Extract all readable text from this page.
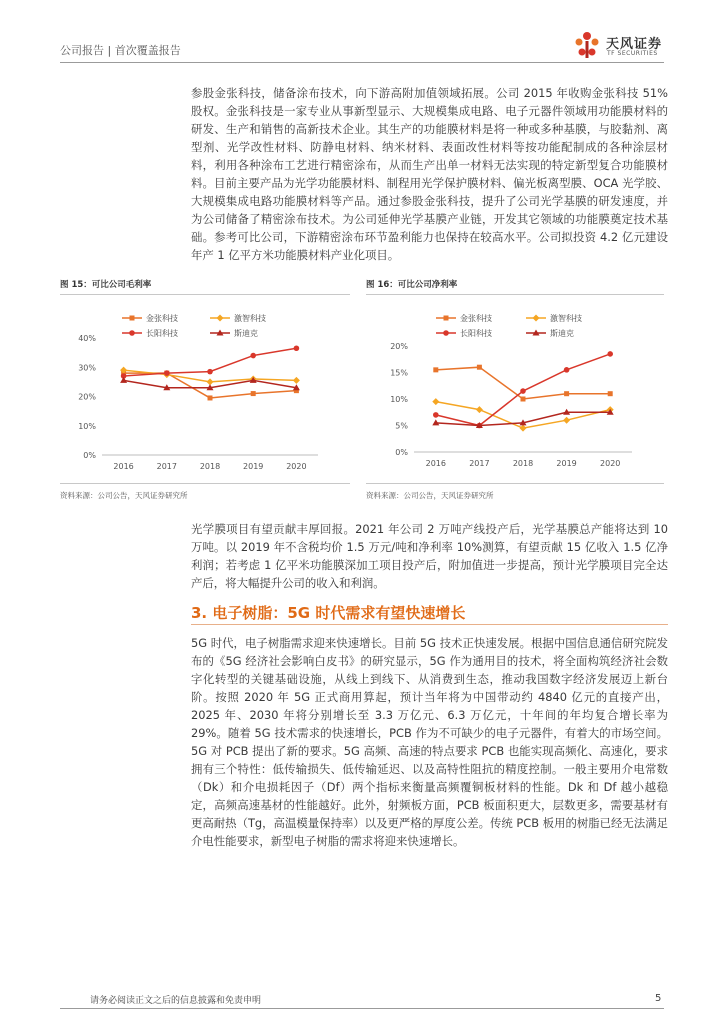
公司报告 | 首次覆盖报告	天风证券
TF SECURITIES

参股金张科技，储备涂布技术，向下游高附加值领域拓展。公司 2015 年收购金张科技 51% 股权。金张科技是一家专业从事新型显示、大规模集成电路、电子元器件领域用功能膜材料的研发、生产和销售的高新技术企业。其生产的功能膜材料是将一种或多种基膜，与胶黏剂、离型剂、光学改性材料、防静电材料、纳米材料、表面改性材料等按功能配制成的各种涂层材料，利用各种涂布工艺进行精密涂布，从而生产出单一材料无法实现的特定新型复合功能膜材料。目前主要产品为光学功能膜材料、制程用光学保护膜材料、偏光板离型膜、OCA 光学胶、大规模集成电路功能膜材料等产品。通过参股金张科技，提升了公司光学基膜的研发速度，并为公司储备了精密涂布技术。为公司延伸光学基膜产业链，开发其它领域的功能膜奠定技术基础。参考可比公司，下游精密涂布环节盈利能力也保持在较高水平。公司拟投资 4.2 亿元建设年产 1 亿平方米功能膜材料产业化项目。

图 15：可比公司毛利率
0%
10%
20%
30%
40%
2016	2017	2018	2019	2020
金张科技	激智科技
长阳科技	斯迪克
资料来源：公司公告，天风证券研究所
图 16：可比公司净利率
0%
5%
10%
15%
20%
2016	2017	2018	2019	2020
金张科技	激智科技
长阳科技	斯迪克
资料来源：公司公告，天风证券研究所

光学膜项目有望贡献丰厚回报。2021 年公司 2 万吨产线投产后，光学基膜总产能将达到 10 万吨。以 2019 年不含税均价 1.5 万元/吨和净利率 10%测算，有望贡献 15 亿收入 1.5 亿净利润；若考虑 1 亿平米功能膜深加工项目投产后，附加值进一步提高，预计光学膜项目完全达产后，将大幅提升公司的收入和利润。

3. 电子树脂：5G 时代需求有望快速增长

5G 时代，电子树脂需求迎来快速增长。目前 5G 技术正快速发展。根据中国信息通信研究院发布的《5G 经济社会影响白皮书》的研究显示，5G 作为通用目的技术，将全面构筑经济社会数字化转型的关键基础设施，从线上到线下、从消费到生态，推动我国数字经济发展迈上新台阶。按照 2020 年 5G 正式商用算起，预计当年将为中国带动约 4840 亿元的直接产出，2025 年、2030 年将分别增长至 3.3 万亿元、6.3 万亿元，十年间的年均复合增长率为 29%。随着 5G 技术需求的快速增长，PCB 作为不可缺少的电子元器件，有着大的市场空间。5G 对 PCB 提出了新的要求。5G 高频、高速的特点要求 PCB 也能实现高频化、高速化，要求拥有三个特性：低传输损失、低传输延迟、以及高特性阻抗的精度控制。一般主要用介电常数（Dk）和介电损耗因子（Df）两个指标来衡量高频覆铜板材料的性能。Dk 和 Df 越小越稳定，高频高速基材的性能越好。此外，射频板方面，PCB 板面积更大，层数更多，需要基材有更高耐热（Tg，高温模量保持率）以及更严格的厚度公差。传统 PCB 板用的树脂已经无法满足介电性能要求，新型电子树脂的需求将迎来快速增长。

请务必阅读正文之后的信息披露和免责申明	5
